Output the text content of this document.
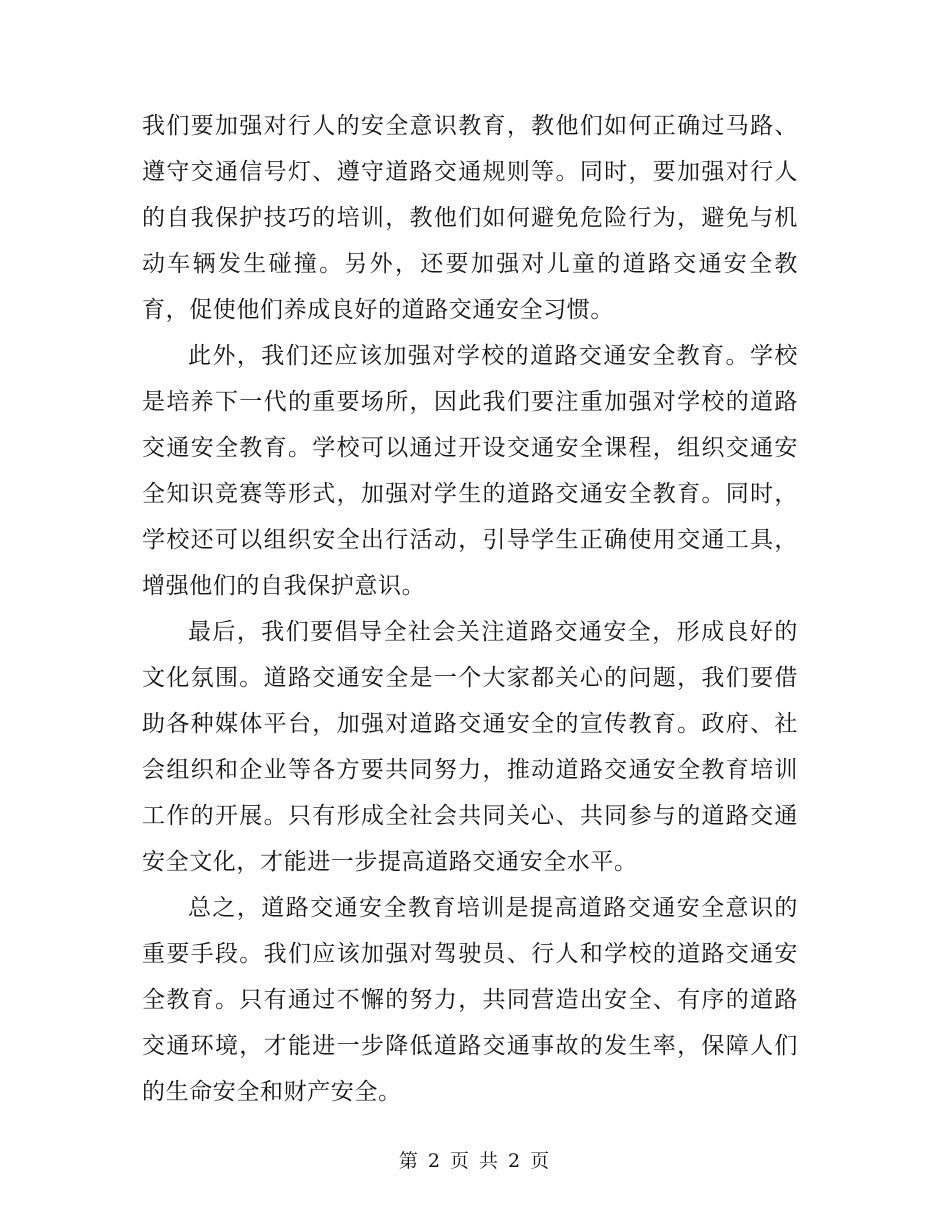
我们要加强对行人的安全意识教育，教他们如何正确过马路、遵守交通信号灯、遵守道路交通规则等。同时，要加强对行人的自我保护技巧的培训，教他们如何避免危险行为，避免与机动车辆发生碰撞。另外，还要加强对儿童的道路交通安全教育，促使他们养成良好的道路交通安全习惯。

此外，我们还应该加强对学校的道路交通安全教育。学校是培养下一代的重要场所，因此我们要注重加强对学校的道路交通安全教育。学校可以通过开设交通安全课程，组织交通安全知识竞赛等形式，加强对学生的道路交通安全教育。同时，学校还可以组织安全出行活动，引导学生正确使用交通工具，增强他们的自我保护意识。

最后，我们要倡导全社会关注道路交通安全，形成良好的文化氛围。道路交通安全是一个大家都关心的问题，我们要借助各种媒体平台，加强对道路交通安全的宣传教育。政府、社会组织和企业等各方要共同努力，推动道路交通安全教育培训工作的开展。只有形成全社会共同关心、共同参与的道路交通安全文化，才能进一步提高道路交通安全水平。

总之，道路交通安全教育培训是提高道路交通安全意识的重要手段。我们应该加强对驾驶员、行人和学校的道路交通安全教育。只有通过不懈的努力，共同营造出安全、有序的道路交通环境，才能进一步降低道路交通事故的发生率，保障人们的生命安全和财产安全。

第 2 页 共 2 页
